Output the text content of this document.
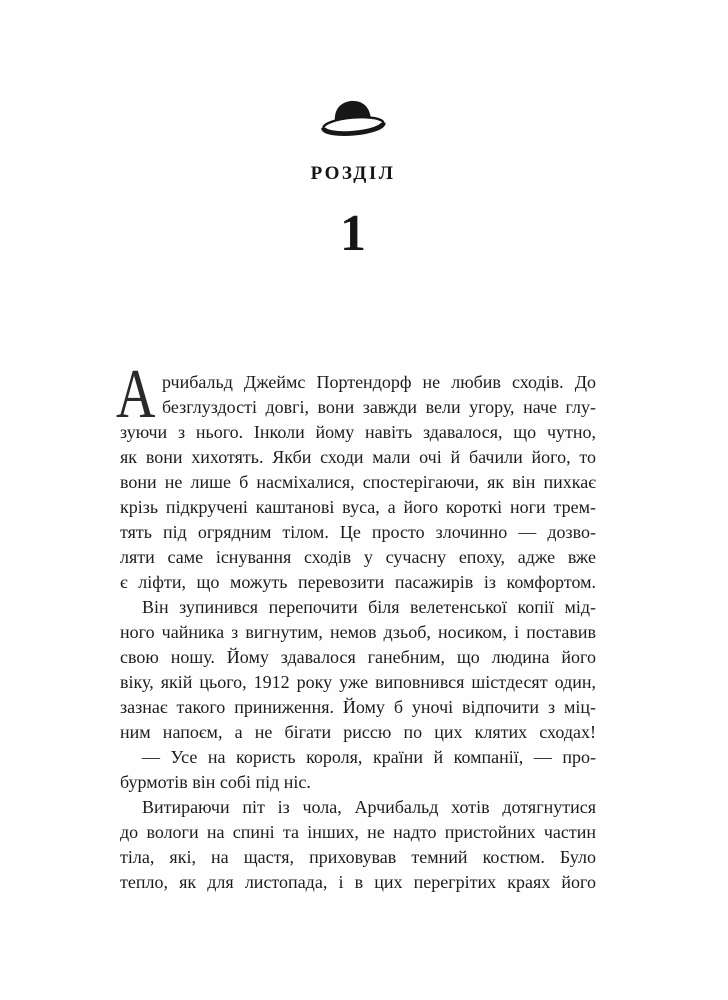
РОЗДІЛ
1
А рчибальд Джеймс Портендорф не любив сходів. До
безглуздості довгі, вони завжди вели угору, наче глу-
зуючи з нього. Інколи йому навіть здавалося, що чутно,
як вони хихотять. Якби сходи мали очі й бачили його, то
вони не лише б насміхалися, спостерігаючи, як він пихкає
крізь підкручені каштанові вуса, а його короткі ноги трем-
тять під огрядним тілом. Це просто злочинно — дозво-
ляти саме існування сходів у сучасну епоху, адже вже
є ліфти, що можуть перевозити пасажирів із комфортом.
Він зупинився перепочити біля велетенської копії мід-
ного чайника з вигнутим, немов дзьоб, носиком, і поставив
свою ношу. Йому здавалося ганебним, що людина його
віку, якій цього, 1912 року уже виповнився шістдесят один,
зазнає такого приниження. Йому б уночі відпочити з міц-
ним напоєм, а не бігати риссю по цих клятих сходах!
— Усе на користь короля, країни й компанії, — про-
бурмотів він собі під ніс.
Витираючи піт із чола, Арчибальд хотів дотягнутися
до вологи на спині та інших, не надто пристойних частин
тіла, які, на щастя, приховував темний костюм. Було
тепло, як для листопада, і в цих перегрітих краях його
